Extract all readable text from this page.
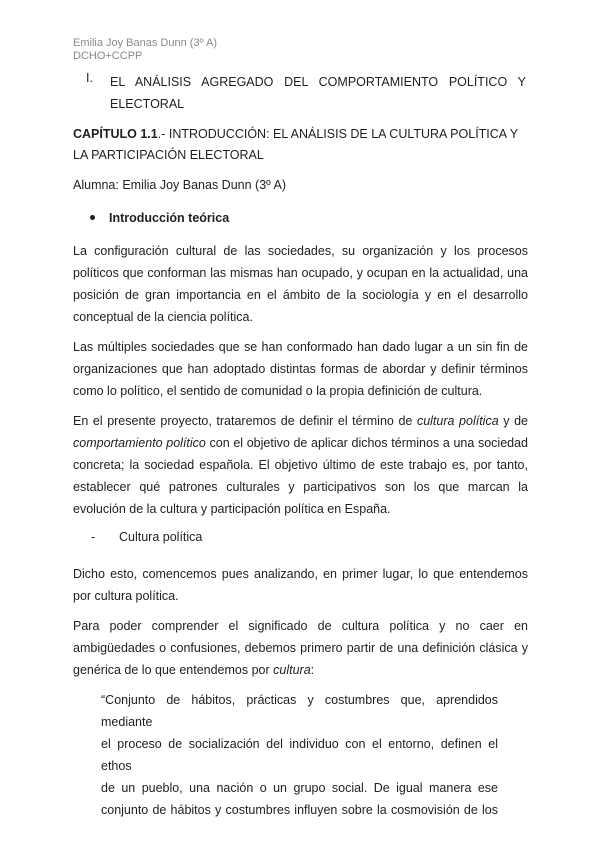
Emilia Joy Banas Dunn (3º A)
DCHO+CCPP
I. EL ANÁLISIS AGREGADO DEL COMPORTAMIENTO POLÍTICO Y
ELECTORAL
CAPÍTULO 1.1.- INTRODUCCIÓN: EL ANÁLISIS DE LA CULTURA POLÍTICA Y LA PARTICIPACIÓN ELECTORAL
Alumna: Emilia Joy Banas Dunn (3º A)
Introducción teórica
La configuración cultural de las sociedades, su organización y los procesos políticos que conforman las mismas han ocupado, y ocupan en la actualidad, una posición de gran importancia en el ámbito de la sociología y en el desarrollo conceptual de la ciencia política.
Las múltiples sociedades que se han conformado han dado lugar a un sin fin de organizaciones que han adoptado distintas formas de abordar y definir términos como lo político, el sentido de comunidad o la propia definición de cultura.
En el presente proyecto, trataremos de definir el término de cultura política y de comportamiento político con el objetivo de aplicar dichos términos a una sociedad concreta; la sociedad española. El objetivo último de este trabajo es, por tanto, establecer qué patrones culturales y participativos son los que marcan la evolución de la cultura y participación política en España.
- Cultura política
Dicho esto, comencemos pues analizando, en primer lugar, lo que entendemos por cultura política.
Para poder comprender el significado de cultura política y no caer en ambigüedades o confusiones, debemos primero partir de una definición clásica y genérica de lo que entendemos por cultura:
“Conjunto de hábitos, prácticas y costumbres que, aprendidos mediante
el proceso de socialización del individuo con el entorno, definen el ethos
de un pueblo, una nación o un grupo social. De igual manera ese
conjunto de hábitos y costumbres influyen sobre la cosmovisión de los
